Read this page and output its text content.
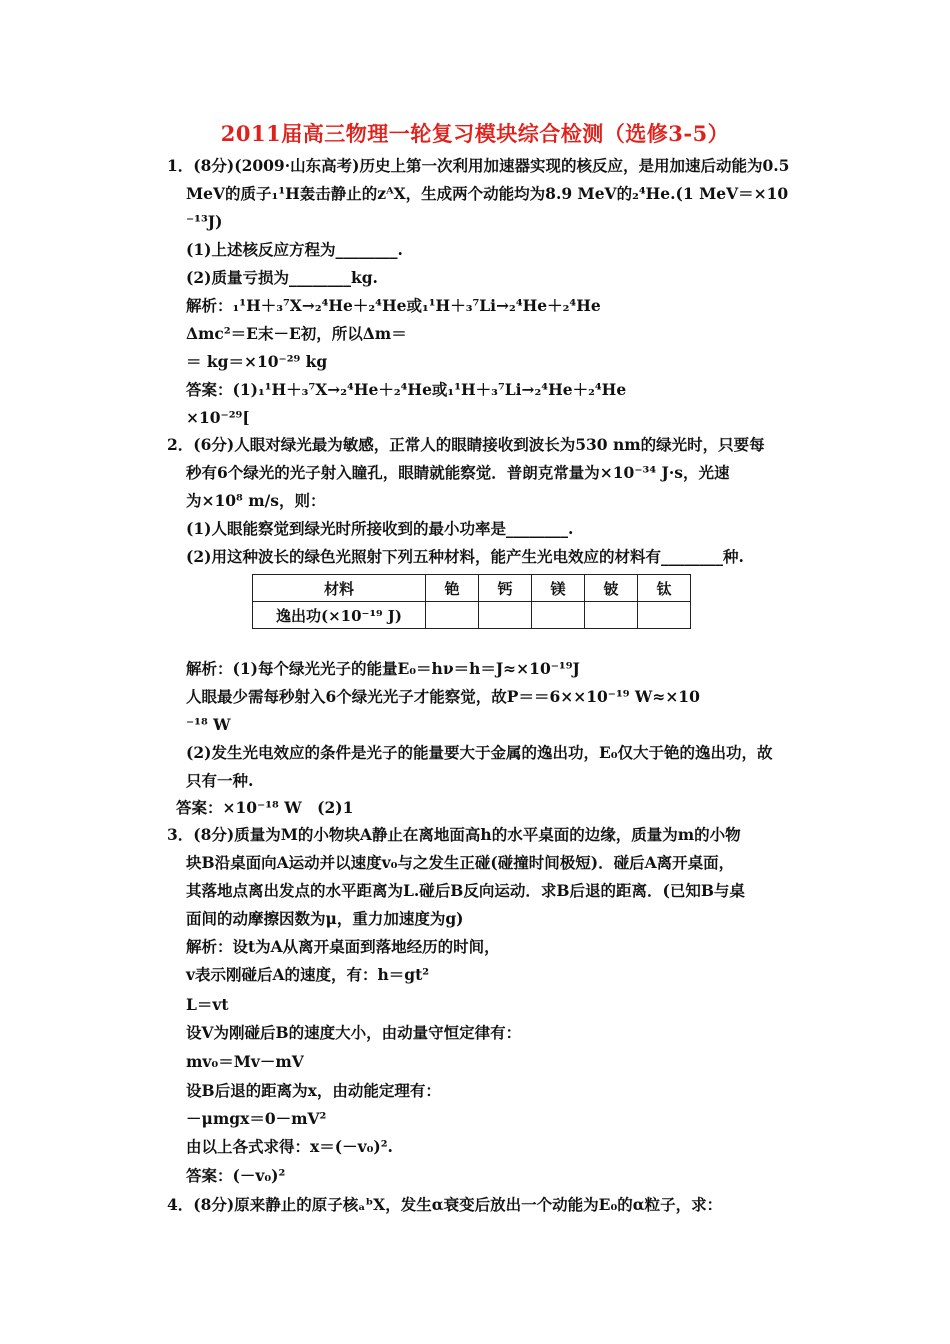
2011届高三物理一轮复习模块综合检测（选修3-5）
1．(8分)(2009·山东高考)历史上第一次利用加速器实现的核反应，是用加速后动能为0.5
MeV的质子₁¹H轰击静止的zᴬX，生成两个动能均为8.9 MeV的₂⁴He.(1 MeV＝×10
⁻¹³J)
(1)上述核反应方程为________.
(2)质量亏损为________kg.
解析：₁¹H＋₃⁷X→₂⁴He＋₂⁴He或₁¹H＋₃⁷Li→₂⁴He＋₂⁴He
Δmc²＝E末－E初，所以Δm＝
＝ kg＝×10⁻²⁹ kg
答案：(1)₁¹H＋₃⁷X→₂⁴He＋₂⁴He或₁¹H＋₃⁷Li→₂⁴He＋₂⁴He
×10⁻²⁹[
2．(6分)人眼对绿光最为敏感，正常人的眼睛接收到波长为530 nm的绿光时，只要每
秒有6个绿光的光子射入瞳孔，眼睛就能察觉．普朗克常量为×10⁻³⁴ J·s，光速
为×10⁸ m/s，则：
(1)人眼能察觉到绿光时所接收到的最小功率是________.
(2)用这种波长的绿色光照射下列五种材料，能产生光电效应的材料有________种.
材料	铯	钙	镁	铍	钛
逸出功(×10⁻¹⁹ J)					
解析：(1)每个绿光光子的能量E₀＝hν＝h＝J≈×10⁻¹⁹J
人眼最少需每秒射入6个绿光光子才能察觉，故P＝＝6××10⁻¹⁹ W≈×10
⁻¹⁸ W
(2)发生光电效应的条件是光子的能量要大于金属的逸出功，E₀仅大于铯的逸出功，故
只有一种.
答案：×10⁻¹⁸ W　(2)1
3．(8分)质量为M的小物块A静止在离地面高h的水平桌面的边缘，质量为m的小物
块B沿桌面向A运动并以速度v₀与之发生正碰(碰撞时间极短)．碰后A离开桌面，
其落地点离出发点的水平距离为L.碰后B反向运动．求B后退的距离．(已知B与桌
面间的动摩擦因数为μ，重力加速度为g)
解析：设t为A从离开桌面到落地经历的时间，
v表示刚碰后A的速度，有：h＝gt²
L＝vt
设V为刚碰后B的速度大小，由动量守恒定律有：
mv₀＝Mv－mV
设B后退的距离为x，由动能定理有：
－μmgx＝0－mV²
由以上各式求得：x＝(－v₀)².
答案：(－v₀)²
4．(8分)原来静止的原子核ₐᵇX，发生α衰变后放出一个动能为E₀的α粒子，求：
